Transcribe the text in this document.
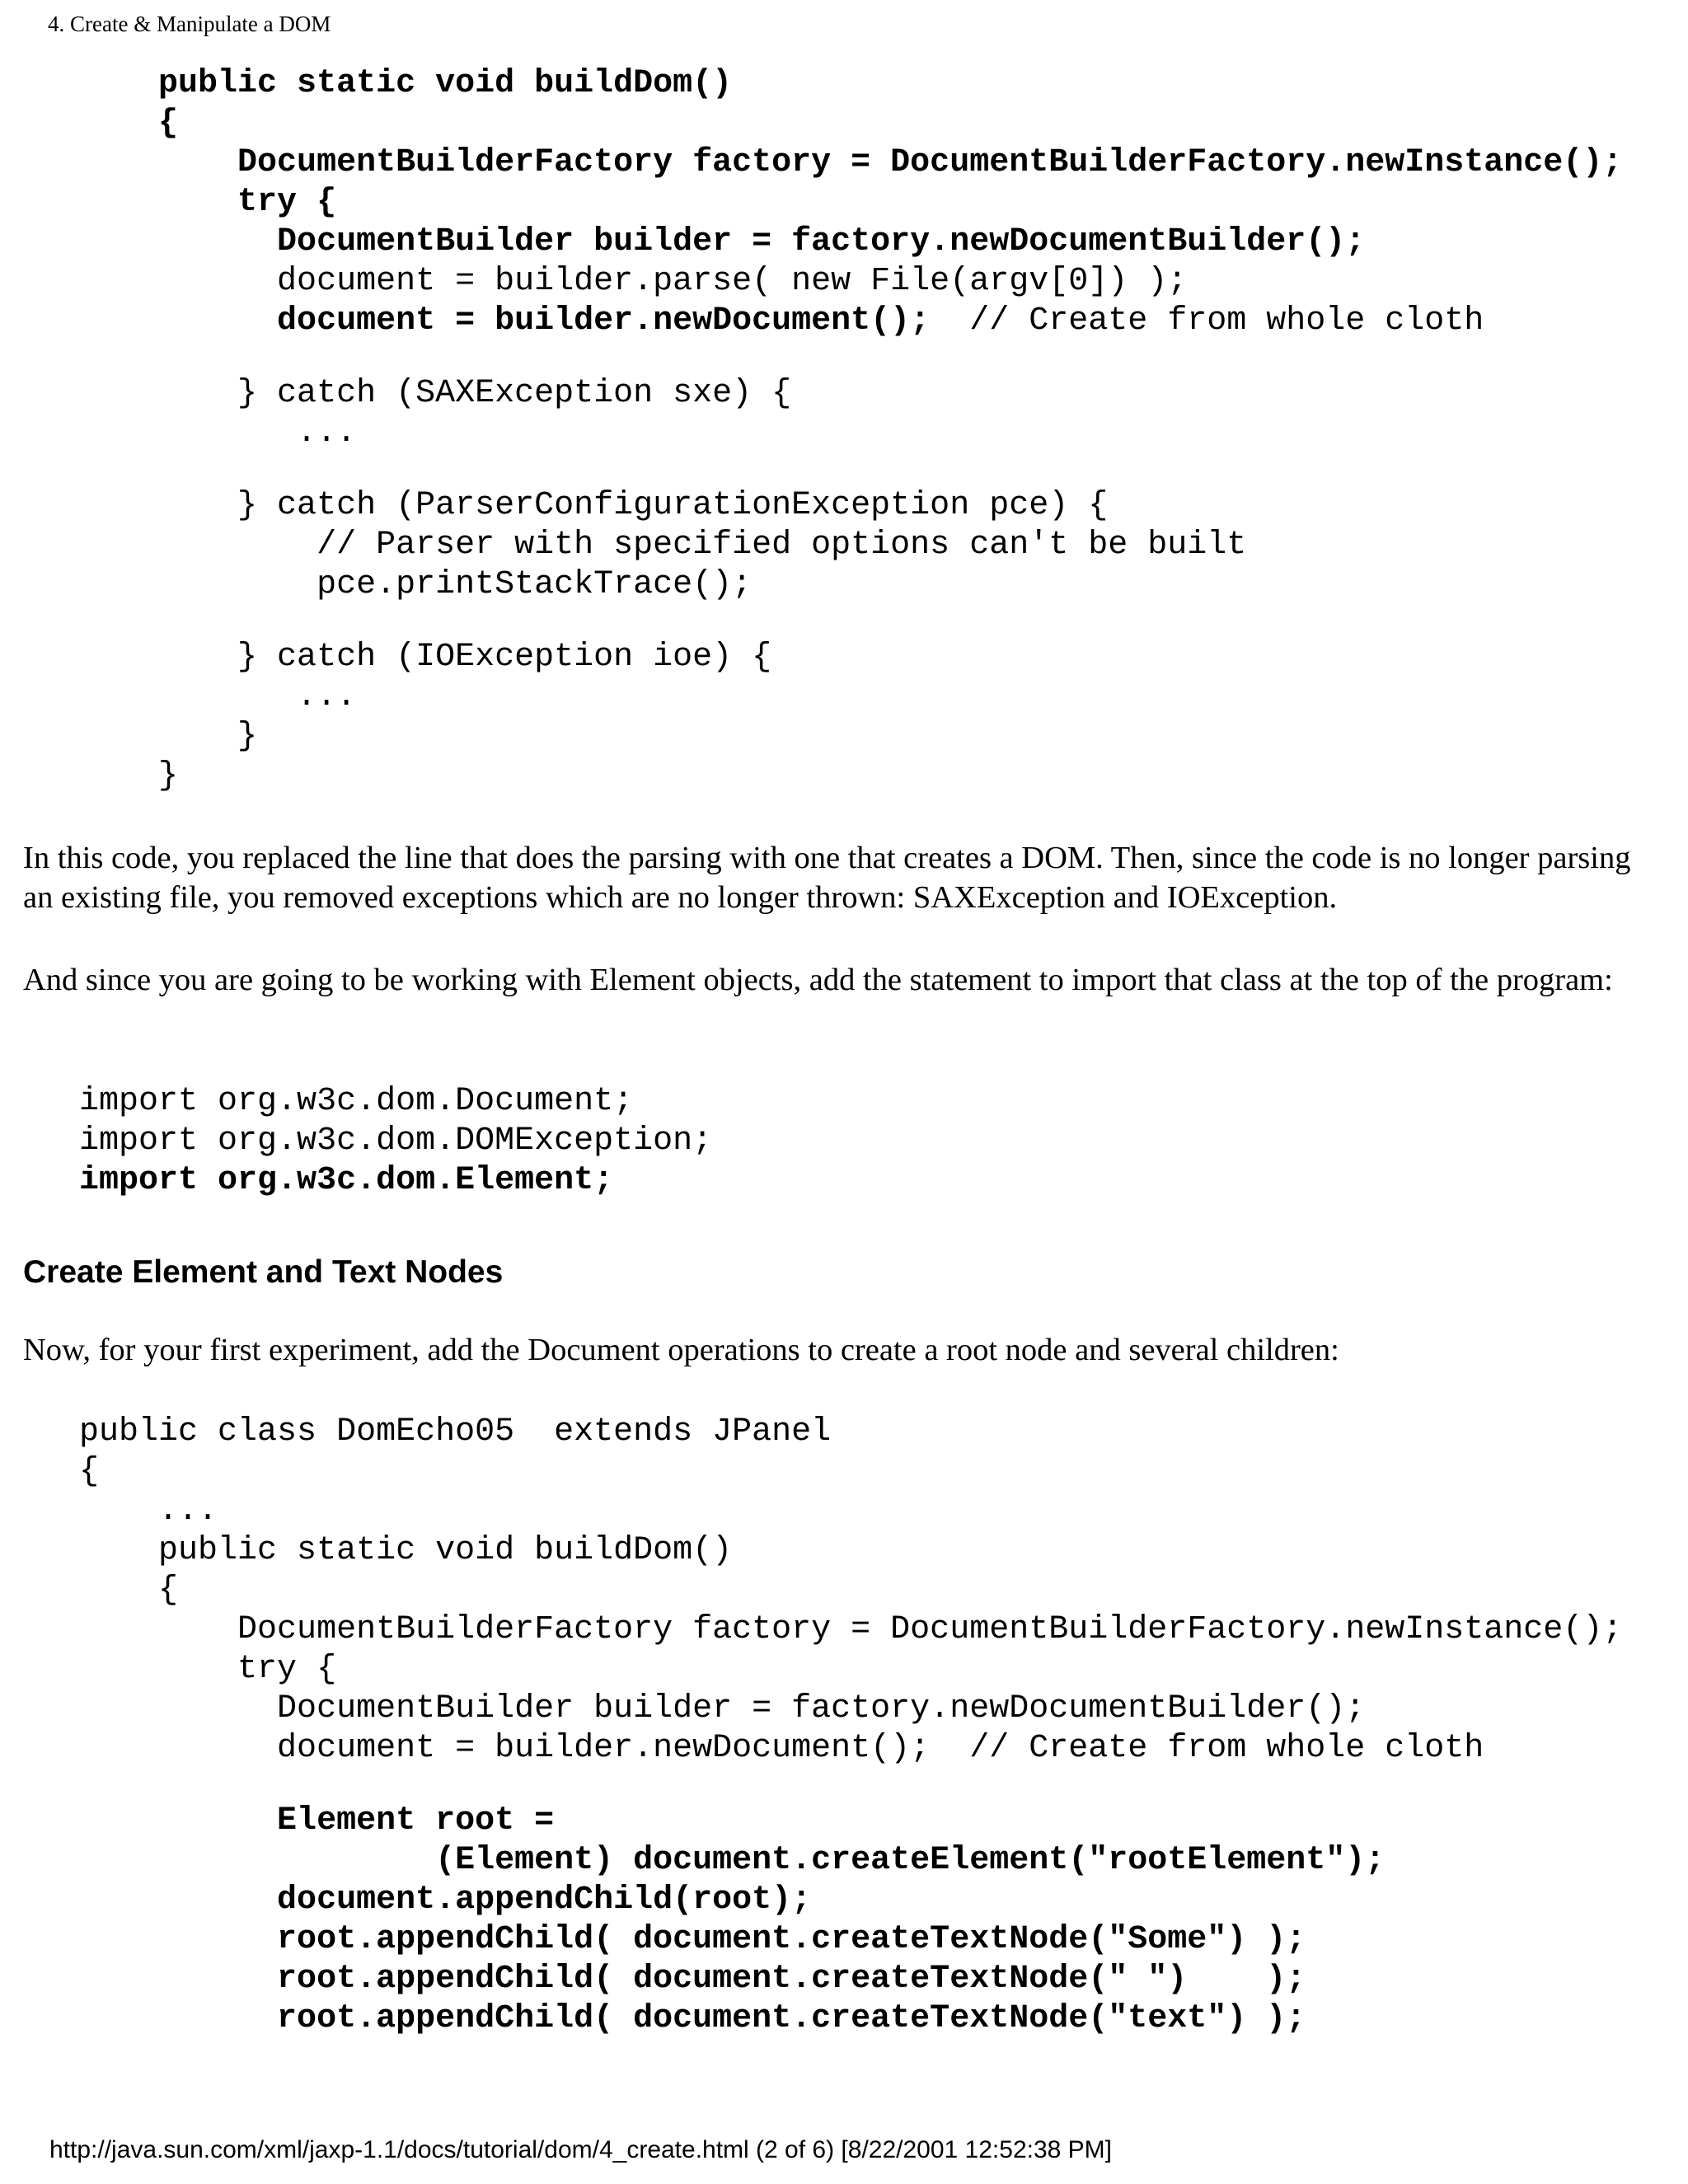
4. Create & Manipulate a DOM
public static void buildDom()
{
DocumentBuilderFactory factory = DocumentBuilderFactory.newInstance();
try {
DocumentBuilder builder = factory.newDocumentBuilder();
document = builder.parse( new File(argv[0]) );
document = builder.newDocument();  // Create from whole cloth
} catch (SAXException sxe) {
...
} catch (ParserConfigurationException pce) {
// Parser with specified options can't be built
pce.printStackTrace();
} catch (IOException ioe) {
...
}
}
In this code, you replaced the line that does the parsing with one that creates a DOM. Then, since the code is no longer parsing an existing file, you removed exceptions which are no longer thrown: SAXException and IOException.
And since you are going to be working with Element objects, add the statement to import that class at the top of the program:
import org.w3c.dom.Document;
import org.w3c.dom.DOMException;
import org.w3c.dom.Element;
Create Element and Text Nodes
Now, for your first experiment, add the Document operations to create a root node and several children:
public class DomEcho05  extends JPanel
{
...
public static void buildDom()
{
DocumentBuilderFactory factory = DocumentBuilderFactory.newInstance();
try {
DocumentBuilder builder = factory.newDocumentBuilder();
document = builder.newDocument();  // Create from whole cloth
Element root =
(Element) document.createElement("rootElement");
document.appendChild(root);
root.appendChild( document.createTextNode("Some") );
root.appendChild( document.createTextNode(" ")    );
root.appendChild( document.createTextNode("text") );
http://java.sun.com/xml/jaxp-1.1/docs/tutorial/dom/4_create.html (2 of 6) [8/22/2001 12:52:38 PM]
